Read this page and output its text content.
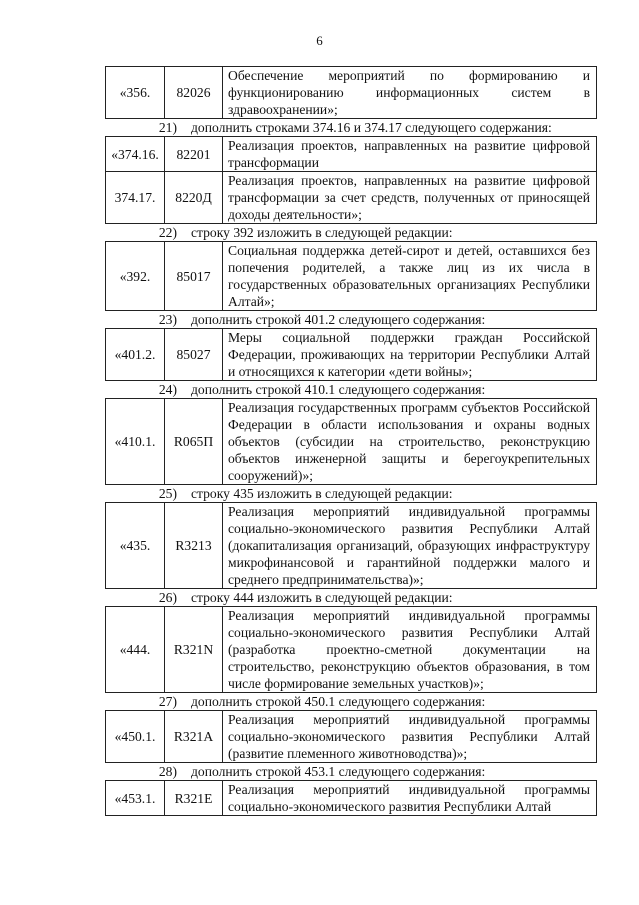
6
«356.	82026	Обеспечение мероприятий по формированию и функционированию информационных систем в здравоохранении»;
21) дополнить строками 374.16 и 374.17 следующего содержания:
«374.16.	82201	Реализация проектов, направленных на развитие цифровой трансформации
374.17.	8220Д	Реализация проектов, направленных на развитие цифровой трансформации за счет средств, полученных от приносящей доходы деятельности»;
22) строку 392 изложить в следующей редакции:
«392.	85017	Социальная поддержка детей-сирот и детей, оставшихся без попечения родителей, а также лиц из их числа в государственных образовательных организациях Республики Алтай»;
23) дополнить строкой 401.2 следующего содержания:
«401.2.	85027	Меры социальной поддержки граждан Российской Федерации, проживающих на территории Республики Алтай и относящихся к категории «дети войны»;
24) дополнить строкой 410.1 следующего содержания:
«410.1.	R065П	Реализация государственных программ субъектов Российской Федерации в области использования и охраны водных объектов (субсидии на строительство, реконструкцию объектов инженерной защиты и берегоукрепительных сооружений)»;
25) строку 435 изложить в следующей редакции:
«435.	R3213	Реализация мероприятий индивидуальной программы социально-экономического развития Республики Алтай (докапитализация организаций, образующих инфраструктуру микрофинансовой и гарантийной поддержки малого и среднего предпринимательства)»;
26) строку 444 изложить в следующей редакции:
«444.	R321N	Реализация мероприятий индивидуальной программы социально-экономического развития Республики Алтай (разработка проектно-сметной документации на строительство, реконструкцию объектов образования, в том числе формирование земельных участков)»;
27) дополнить строкой 450.1 следующего содержания:
«450.1.	R321A	Реализация мероприятий индивидуальной программы социально-экономического развития Республики Алтай (развитие племенного животноводства)»;
28) дополнить строкой 453.1 следующего содержания:
«453.1.	R321E	Реализация мероприятий индивидуальной программы социально-экономического развития Республики Алтай
